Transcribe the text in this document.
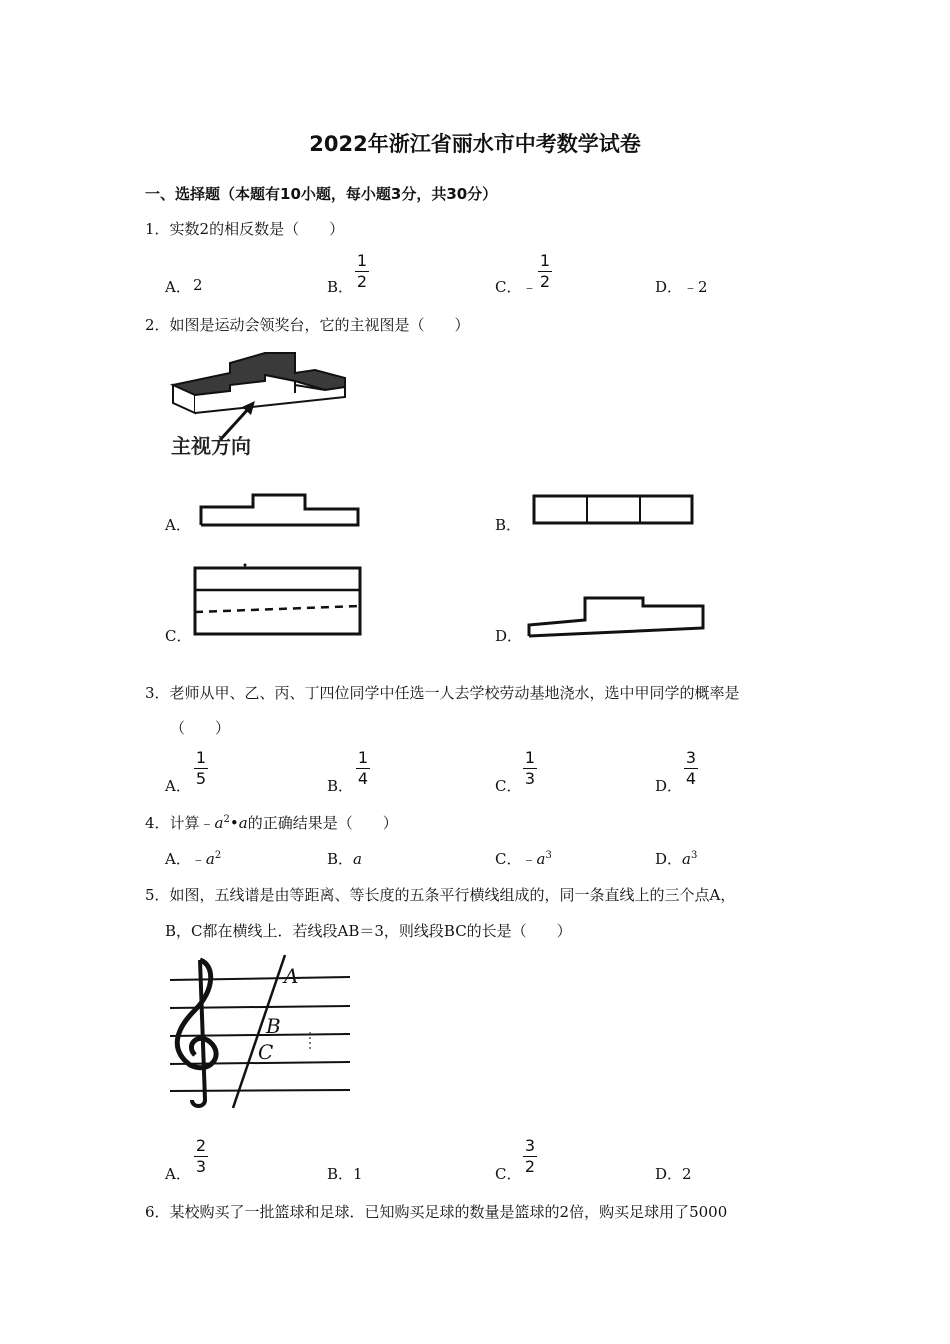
2022年浙江省丽水市中考数学试卷
一、选择题（本题有10小题，每小题3分，共30分）
1．实数2的相反数是（　　）
A． 2	B．
1
2	C． ﹣
1
2	D． ﹣2
2．如图是运动会领奖台，它的主视图是（　　）
主视方向
A．	B．
C．	D．
3．老师从甲、乙、丙、丁四位同学中任选一人去学校劳动基地浇水，选中甲同学的概率是
（　　）
A．
1
5	B．
1
4	C．
1
3	D．
3
4
4．计算$﹣a^2•a$的正确结果是（　　）
A．$﹣a^2$	B．a	C．$﹣a^3$	D．$a^3$
5．如图，五线谱是由等距离、等长度的五条平行横线组成的，同一条直线上的三个点A，
B，C都在横线上．若线段AB＝3，则线段BC的长是（　　）
A
B
C
A．
2
3	B．1	C．
3
2	D．2
6．某校购买了一批篮球和足球．已知购买足球的数量是篮球的2倍，购买足球用了5000
